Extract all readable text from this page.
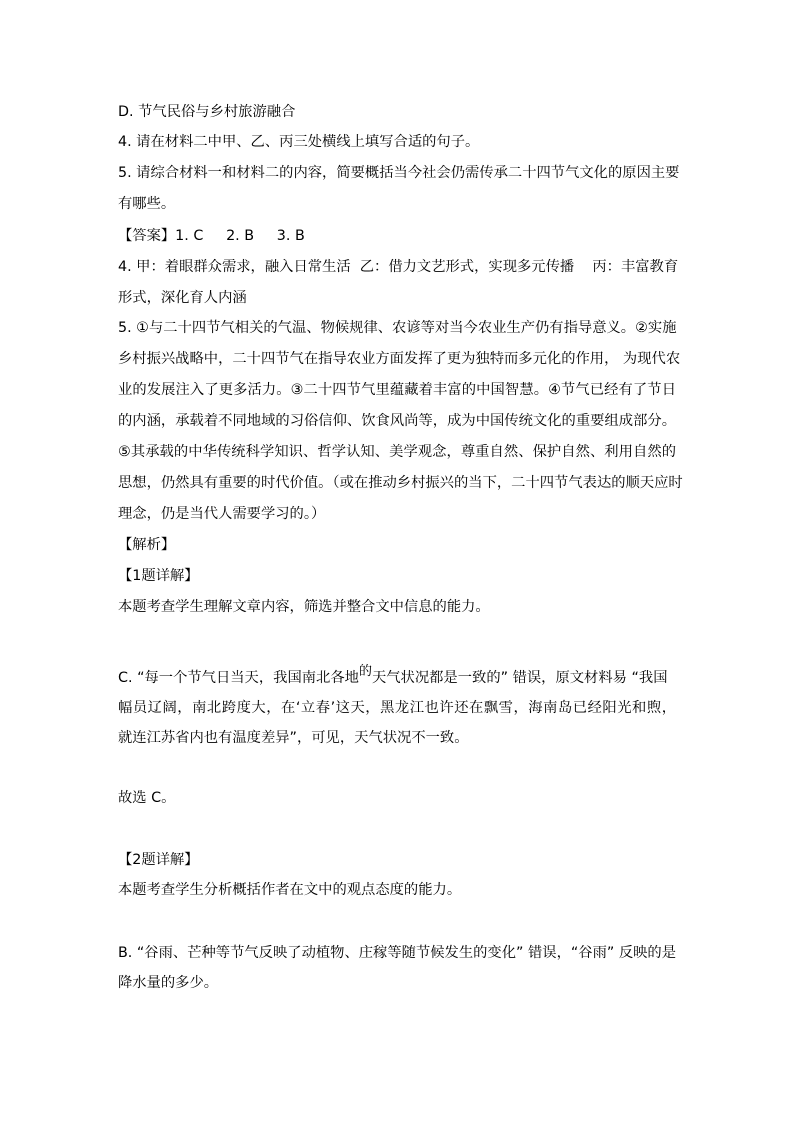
D. 节气民俗与乡村旅游融合
4. 请在材料二中甲、乙、丙三处横线上填写合适的句子。
5. 请综合材料一和材料二的内容，简要概括当今社会仍需传承二十四节气文化的原因主要
有哪些。
【答案】1. C     2. B     3. B
4. 甲：着眼群众需求，融入日常生活  乙：借力文艺形式，实现多元传播    丙：丰富教育
形式，深化育人内涵
5. ①与二十四节气相关的气温、物候规律、农谚等对当今农业生产仍有指导意义。②实施
乡村振兴战略中，二十四节气在指导农业方面发挥了更为独特而多元化的作用， 为现代农
业的发展注入了更多活力。③二十四节气里蕴藏着丰富的中国智慧。④节气已经有了节日
的内涵，承载着不同地域的习俗信仰、饮食风尚等，成为中国传统文化的重要组成部分。
⑤其承载的中华传统科学知识、哲学认知、美学观念，尊重自然、保护自然、利用自然的
思想，仍然具有重要的时代价值。（或在推动乡村振兴的当下，二十四节气表达的顺天应时
理念，仍是当代人需要学习的。）
【解析】
【1题详解】
本题考查学生理解文章内容，筛选并整合文中信息的能力。
C. “每一个节气日当天，我国南北各地的天气状况都是一致的” 错误，原文材料易 “我国
幅员辽阔，南北跨度大，在‘立春’这天，黑龙江也许还在飘雪，海南岛已经阳光和煦，
就连江苏省内也有温度差异”，可见，天气状况不一致。
故选 C。
【2题详解】
本题考查学生分析概括作者在文中的观点态度的能力。
B. “谷雨、芒种等节气反映了动植物、庄稼等随节候发生的变化” 错误，“谷雨” 反映的是
降水量的多少。
